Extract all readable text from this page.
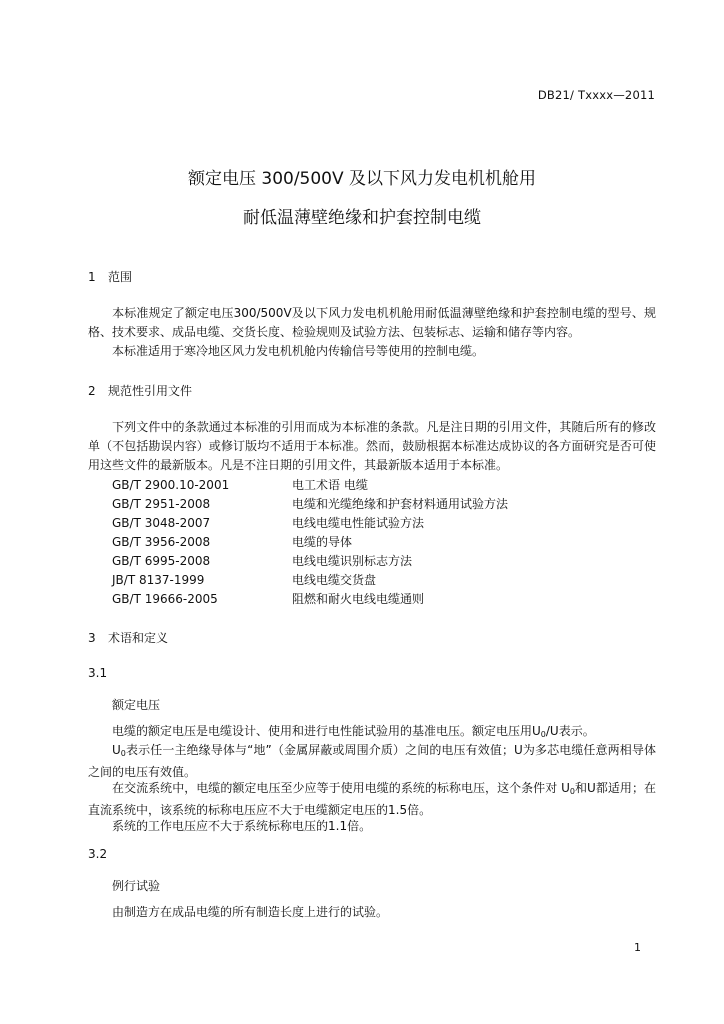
DB21/ Txxxx—2011
额定电压 300/500V 及以下风力发电机机舱用
耐低温薄壁绝缘和护套控制电缆
1 范围
本标准规定了额定电压300/500V及以下风力发电机机舱用耐低温薄壁绝缘和护套控制电缆的型号、规格、技术要求、成品电缆、交货长度、检验规则及试验方法、包装标志、运输和储存等内容。
本标准适用于寒冷地区风力发电机机舱内传输信号等使用的控制电缆。
2 规范性引用文件
下列文件中的条款通过本标准的引用而成为本标准的条款。凡是注日期的引用文件，其随后所有的修改单（不包括勘误内容）或修订版均不适用于本标准。然而，鼓励根据本标准达成协议的各方面研究是否可使用这些文件的最新版本。凡是不注日期的引用文件，其最新版本适用于本标准。
GB/T 2900.10-2001	电工术语 电缆
GB/T 2951-2008	电缆和光缆绝缘和护套材料通用试验方法
GB/T 3048-2007	电线电缆电性能试验方法
GB/T 3956-2008	电缆的导体
GB/T 6995-2008	电线电缆识别标志方法
JB/T 8137-1999	电线电缆交货盘
GB/T 19666-2005	阻燃和耐火电线电缆通则
3 术语和定义
3.1
额定电压
电缆的额定电压是电缆设计、使用和进行电性能试验用的基准电压。额定电压用$U_0/U$表示。
$U_0$表示任一主绝缘导体与“地”（金属屏蔽或周围介质）之间的电压有效值；U为多芯电缆任意两相导体之间的电压有效值。
在交流系统中，电缆的额定电压至少应等于使用电缆的系统的标称电压，这个条件对 $U_0$和U都适用；在直流系统中，该系统的标称电压应不大于电缆额定电压的1.5倍。
系统的工作电压应不大于系统标称电压的1.1倍。
3.2
例行试验
由制造方在成品电缆的所有制造长度上进行的试验。
1
